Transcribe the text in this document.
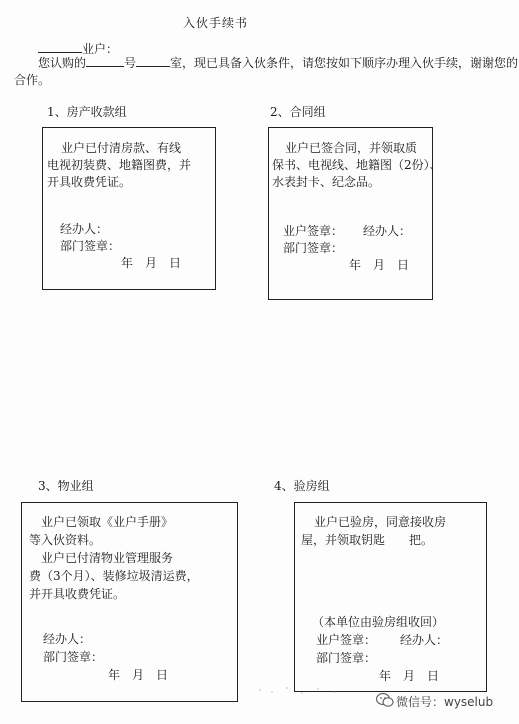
入伙手续书
业户：
您认购的	号	室，现已具备入伙条件，请您按如下顺序办理入伙手续，谢谢您的
合作。
1、房产收款组
业户已付清房款、有线
电视初装费、地籍图费，并
开具收费凭证。
经办人：
部门签章：
年　月　日
2、合同组
业户已签合同，并领取质
保书、电视线、地籍图（2份）、
水表封卡、纪念品。
业户签章： 经办人：
部门签章：
年　月　日
3、物业组
业户已领取《业户手册》
等入伙资料。
业户已付清物业管理服务
费（3个月）、装修垃圾清运费，
并开具收费凭证。
经办人：
部门签章：
年　月　日
4、验房组
业户已验房，同意接收房
屋，并领取钥匙　　把。
（本单位由验房组收回）
业户签章： 经办人：
部门签章：
年　月　日
微信号：wyselub
